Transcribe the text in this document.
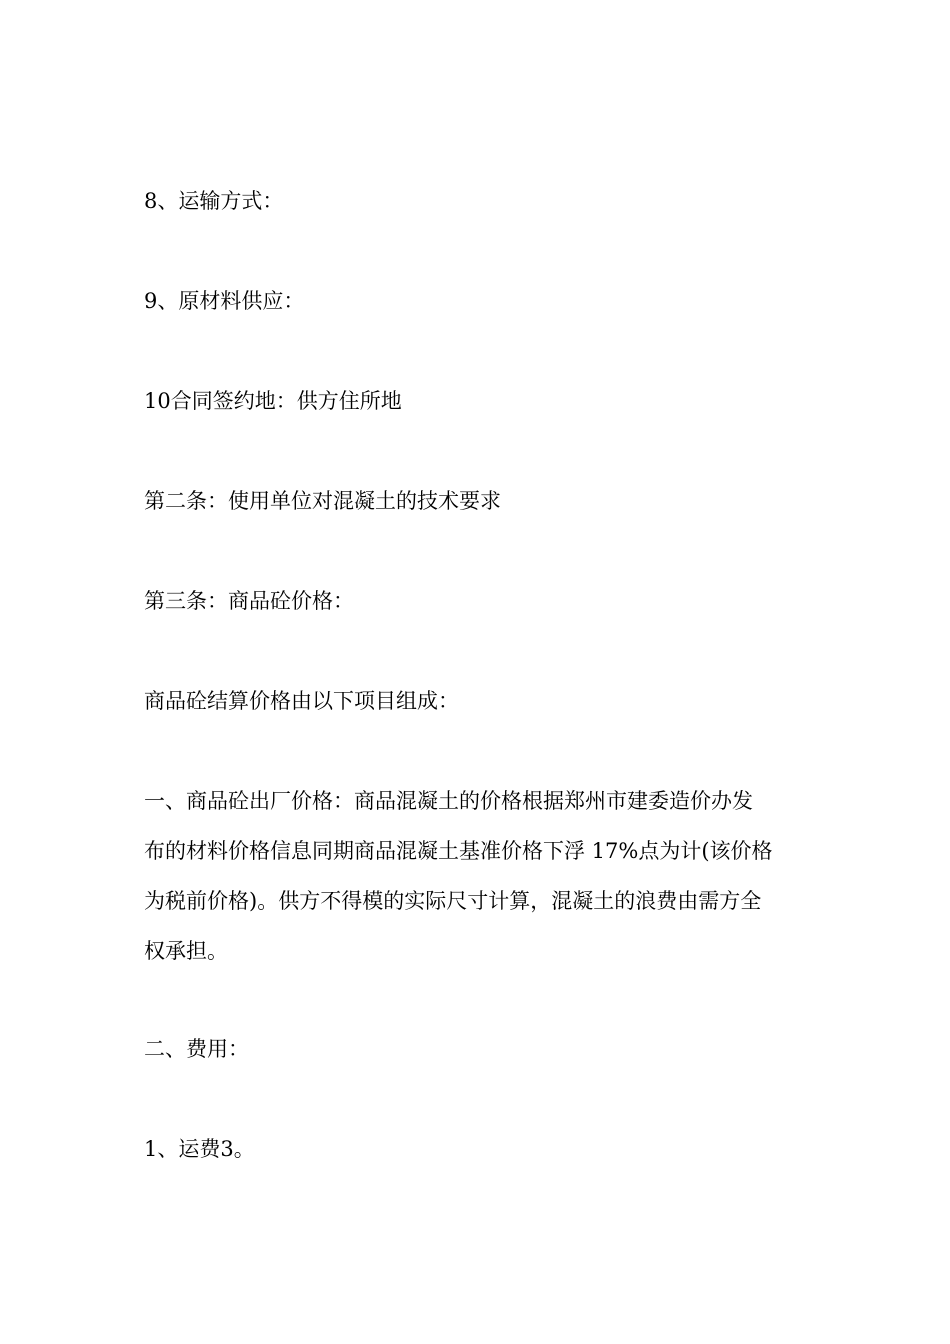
8、运输方式：

9、原材料供应：

10合同签约地：供方住所地

第二条：使用单位对混凝土的技术要求

第三条：商品砼价格：

商品砼结算价格由以下项目组成：

一、商品砼出厂价格：商品混凝土的价格根据郑州市建委造价办发
布的材料价格信息同期商品混凝土基准价格下浮 17%点为计(该价格
为税前价格)。供方不得模的实际尺寸计算，混凝土的浪费由需方全
权承担。

二、费用：

1、运费3。
